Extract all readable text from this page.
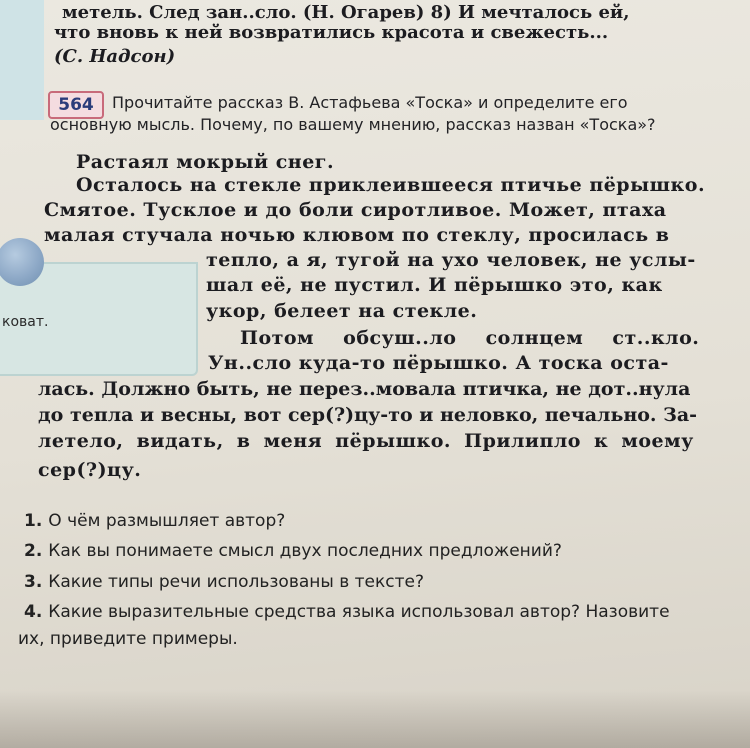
метель. След зан..сло. (Н. Огарев) 8) И мечталось ей,
что вновь к ней возвратились красота и свежесть...
(С. Надсон)
564	Прочитайте рассказ В. Астафьева «Тоска» и определите его
основную мысль. Почему, по вашему мнению, рассказ назван «Тоска»?
Растаял мокрый снег.
Осталось на стекле приклеившееся птичье пёрышко.
Смятое. Тусклое и до боли сиротливое. Может, птаха
малая стучала ночью клювом по стеклу, просилась в
коват.
тепло, а я, тугой на ухо человек, не услы-
шал её, не пустил. И пёрышко это, как
укор, белеет на стекле.
Потом обсуш..ло солнцем ст..кло.
Ун..сло куда-то пёрышко. А тоска оста-
лась. Должно быть, не перез..мовала птичка, не дот..нула
до тепла и весны, вот сер(?)цу-то и неловко, печально. За-
летело, видать, в меня пёрышко. Прилипло к моему
сер(?)цу.
1. О чём размышляет автор?
2. Как вы понимаете смысл двух последних предложений?
3. Какие типы речи использованы в тексте?
4. Какие выразительные средства языка использовал автор? Назовите
их, приведите примеры.
